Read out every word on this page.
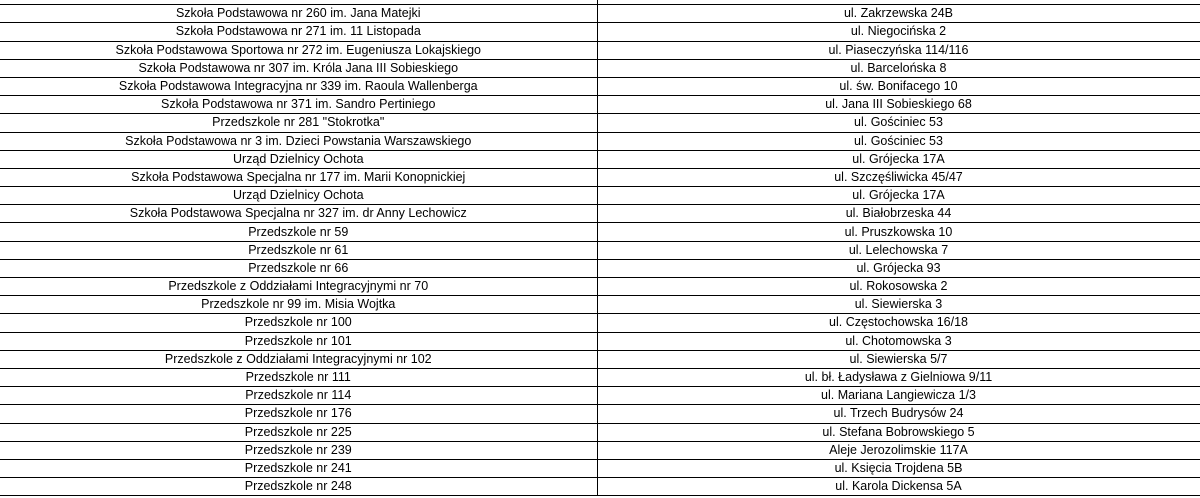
Szkoła Podstawowa nr 260 im. Jana Matejki	ul. Zakrzewska 24B
Szkoła Podstawowa nr 271 im. 11 Listopada	ul. Niegocińska 2
Szkoła Podstawowa Sportowa nr 272 im. Eugeniusza Lokajskiego	ul. Piaseczyńska 114/116
Szkoła Podstawowa nr 307 im. Króla Jana III Sobieskiego	ul. Barcelońska 8
Szkoła Podstawowa Integracyjna nr 339 im. Raoula Wallenberga	ul. św. Bonifacego 10
Szkoła Podstawowa nr 371 im. Sandro Pertiniego	ul. Jana III Sobieskiego 68
Przedszkole nr 281 "Stokrotka"	ul. Gościniec 53
Szkoła Podstawowa nr 3 im. Dzieci Powstania Warszawskiego	ul. Gościniec 53
Urząd Dzielnicy Ochota	ul. Grójecka 17A
Szkoła Podstawowa Specjalna nr 177 im. Marii Konopnickiej	ul. Szczęśliwicka 45/47
Urząd Dzielnicy Ochota	ul. Grójecka 17A
Szkoła Podstawowa Specjalna nr 327 im. dr Anny Lechowicz	ul. Białobrzeska 44
Przedszkole nr 59	ul. Pruszkowska 10
Przedszkole nr 61	ul. Lelechowska 7
Przedszkole nr 66	ul. Grójecka 93
Przedszkole z Oddziałami Integracyjnymi nr 70	ul. Rokosowska 2
Przedszkole nr 99 im. Misia Wojtka	ul. Siewierska 3
Przedszkole nr 100	ul. Częstochowska 16/18
Przedszkole nr 101	ul. Chotomowska 3
Przedszkole z Oddziałami Integracyjnymi nr 102	ul. Siewierska 5/7
Przedszkole nr 111	ul. bł. Ładysława z Gielniowa 9/11
Przedszkole nr 114	ul. Mariana Langiewicza 1/3
Przedszkole nr 176	ul. Trzech Budrysów 24
Przedszkole nr 225	ul. Stefana Bobrowskiego 5
Przedszkole nr 239	Aleje Jerozolimskie 117A
Przedszkole nr 241	ul. Księcia Trojdena 5B
Przedszkole nr 248	ul. Karola Dickensa 5A
